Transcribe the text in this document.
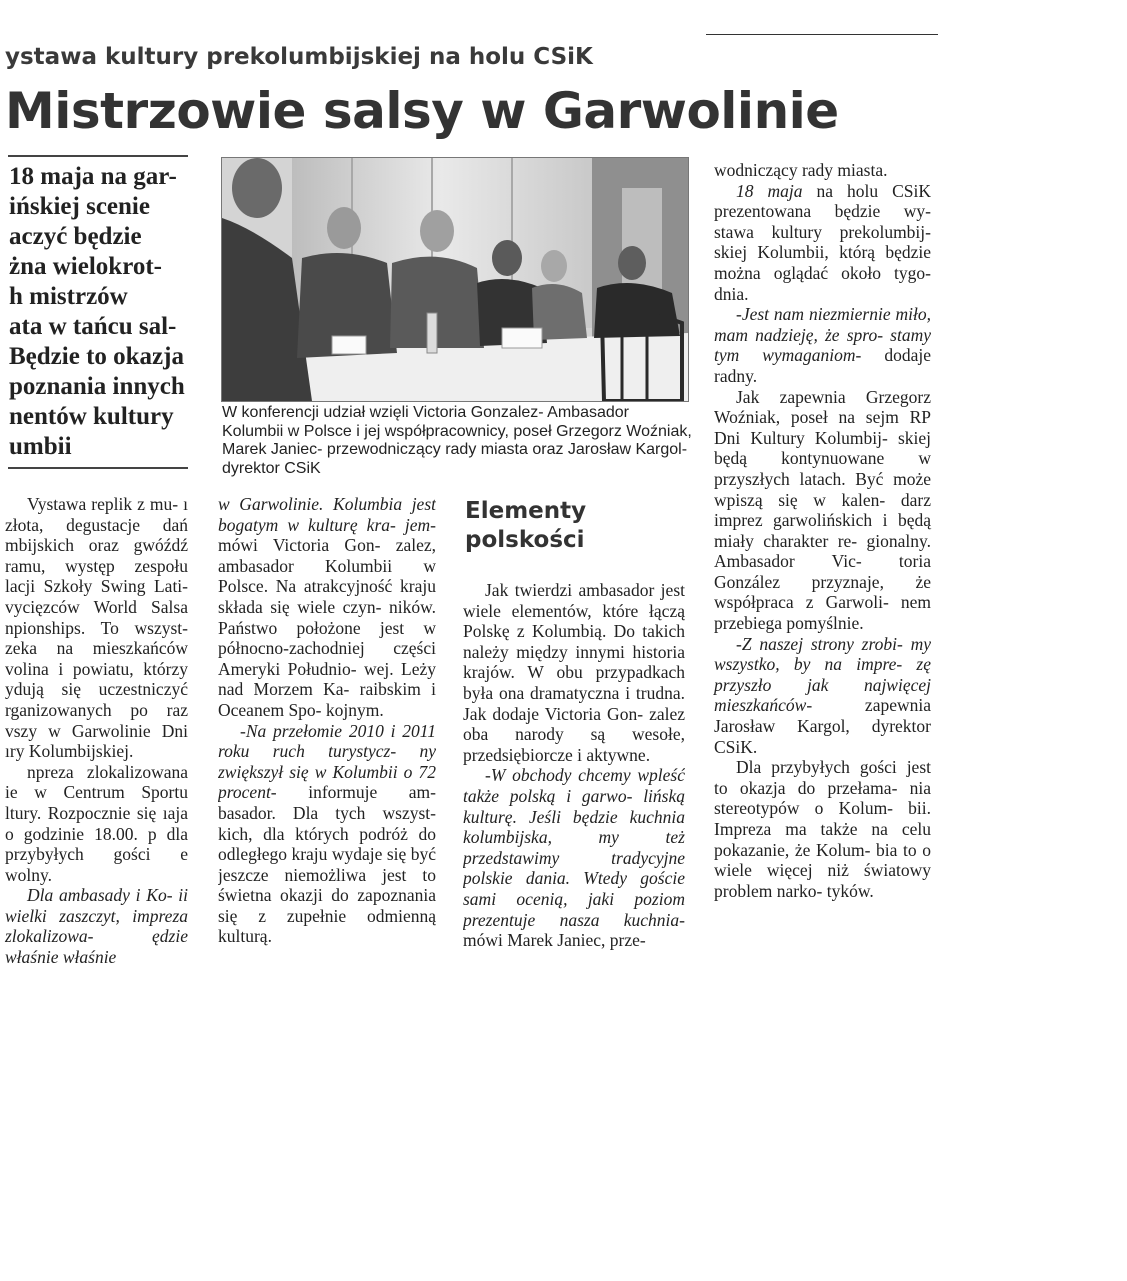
ystawa kultury prekolumbijskiej na holu CSiK
Mistrzowie salsy w Garwolinie
18 maja na gar-
ińskiej scenie
aczyć będzie
żna wielokrot-
h mistrzów
ata w tańcu sal-
Będzie to okazja
poznania innych
nentów kultury
umbii

W konferencji udział wzięli Victoria Gonzalez- Ambasador Kolumbii w Polsce i jej współpracownicy, poseł Grzegorz Woźniak, Marek Janiec- przewodniczący rady miasta oraz Jarosław Kargol- dyrektor CSiK

Vystawa replik z mu- ı złota, degustacje dań mbijskich oraz gwóźdź ramu, występ zespołu lacji Szkoły Swing Lati- vycięzców World Salsa npionships. To wszyst- zeka na mieszkańców volina i powiatu, którzy ydują się uczestniczyć rganizowanych po raz vszy w Garwolinie Dni ıry Kolumbijskiej.

npreza zlokalizowana ie w Centrum Sportu ltury. Rozpocznie się ıaja o godzinie 18.00. p dla przybyłych gości e wolny.

Dla ambasady i Ko- ii wielki zaszczyt, impreza zlokalizowa- ędzie właśnie właśnie

w Garwolinie. Kolumbia jest bogatym w kulturę kra- jem- mówi Victoria Gon- zalez, ambasador Kolumbii w Polsce. Na atrakcyjność kraju składa się wiele czyn- ników. Państwo położone jest w północno-zachodniej części Ameryki Południo- wej. Leży nad Morzem Ka- raibskim i Oceanem Spo- kojnym.

-Na przełomie 2010 i 2011 roku ruch turystycz- ny zwiększył się w Kolumbii o 72 procent- informuje am- basador. Dla tych wszyst- kich, dla których podróż do odległego kraju wydaje się być jeszcze niemożliwa jest to świetna okazji do zapoznania się z zupełnie odmienną kulturą.

Elementy polskości

Jak twierdzi ambasador jest wiele elementów, które łączą Polskę z Kolumbią. Do takich należy między innymi historia krajów. W obu przypadkach była ona dramatyczna i trudna. Jak dodaje Victoria Gon- zalez oba narody są wesołe, przedsiębiorcze i aktywne.

-W obchody chcemy wpleść także polską i garwo- lińską kulturę. Jeśli będzie kuchnia kolumbijska, my też przedstawimy tradycyjne polskie dania. Wtedy goście sami ocenią, jaki poziom prezentuje nasza kuchnia- mówi Marek Janiec, prze-

wodniczący rady miasta.

18 maja na holu CSiK prezentowana będzie wy- stawa kultury prekolumbij- skiej Kolumbii, którą będzie można oglądać około tygo- dnia.

-Jest nam niezmiernie miło, mam nadzieję, że spro- stamy tym wymaganiom- dodaje radny.

Jak zapewnia Grzegorz Woźniak, poseł na sejm RP Dni Kultury Kolumbij- skiej będą kontynuowane w przyszłych latach. Być może wpiszą się w kalen- darz imprez garwolińskich i będą miały charakter re- gionalny. Ambasador Vic- toria González przyznaje, że współpraca z Garwoli- nem przebiega pomyślnie.

-Z naszej strony zrobi- my wszystko, by na impre- zę przyszło jak najwięcej mieszkańców- zapewnia Jarosław Kargol, dyrektor CSiK.

Dla przybyłych gości jest to okazja do przełama- nia stereotypów o Kolum- bii. Impreza ma także na celu pokazanie, że Kolum- bia to o wiele więcej niż światowy problem narko- tyków.
